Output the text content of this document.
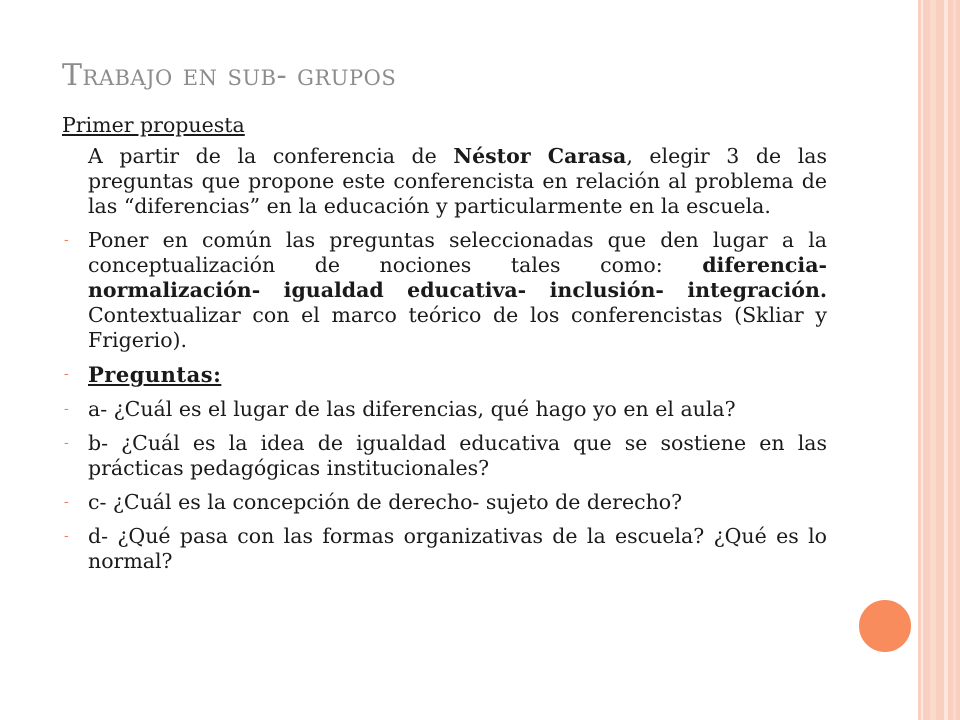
Trabajo en sub- grupos
Primer propuesta

A partir de la conferencia de Néstor Carasa, elegir 3 de las preguntas que propone este conferencista en relación al problema de las “diferencias” en la educación y particularmente en la escuela.

- Poner en común las preguntas seleccionadas que den lugar a la conceptualización de nociones tales como: diferencia- normalización- igualdad educativa- inclusión- integración. Contextualizar con el marco teórico de los conferencistas (Skliar y Frigerio).
- Preguntas:
- a- ¿Cuál es el lugar de las diferencias, qué hago yo en el aula?
- b- ¿Cuál es la idea de igualdad educativa que se sostiene en las prácticas pedagógicas institucionales?
- c- ¿Cuál es la concepción de derecho- sujeto de derecho?
- d- ¿Qué pasa con las formas organizativas de la escuela? ¿Qué es lo normal?
